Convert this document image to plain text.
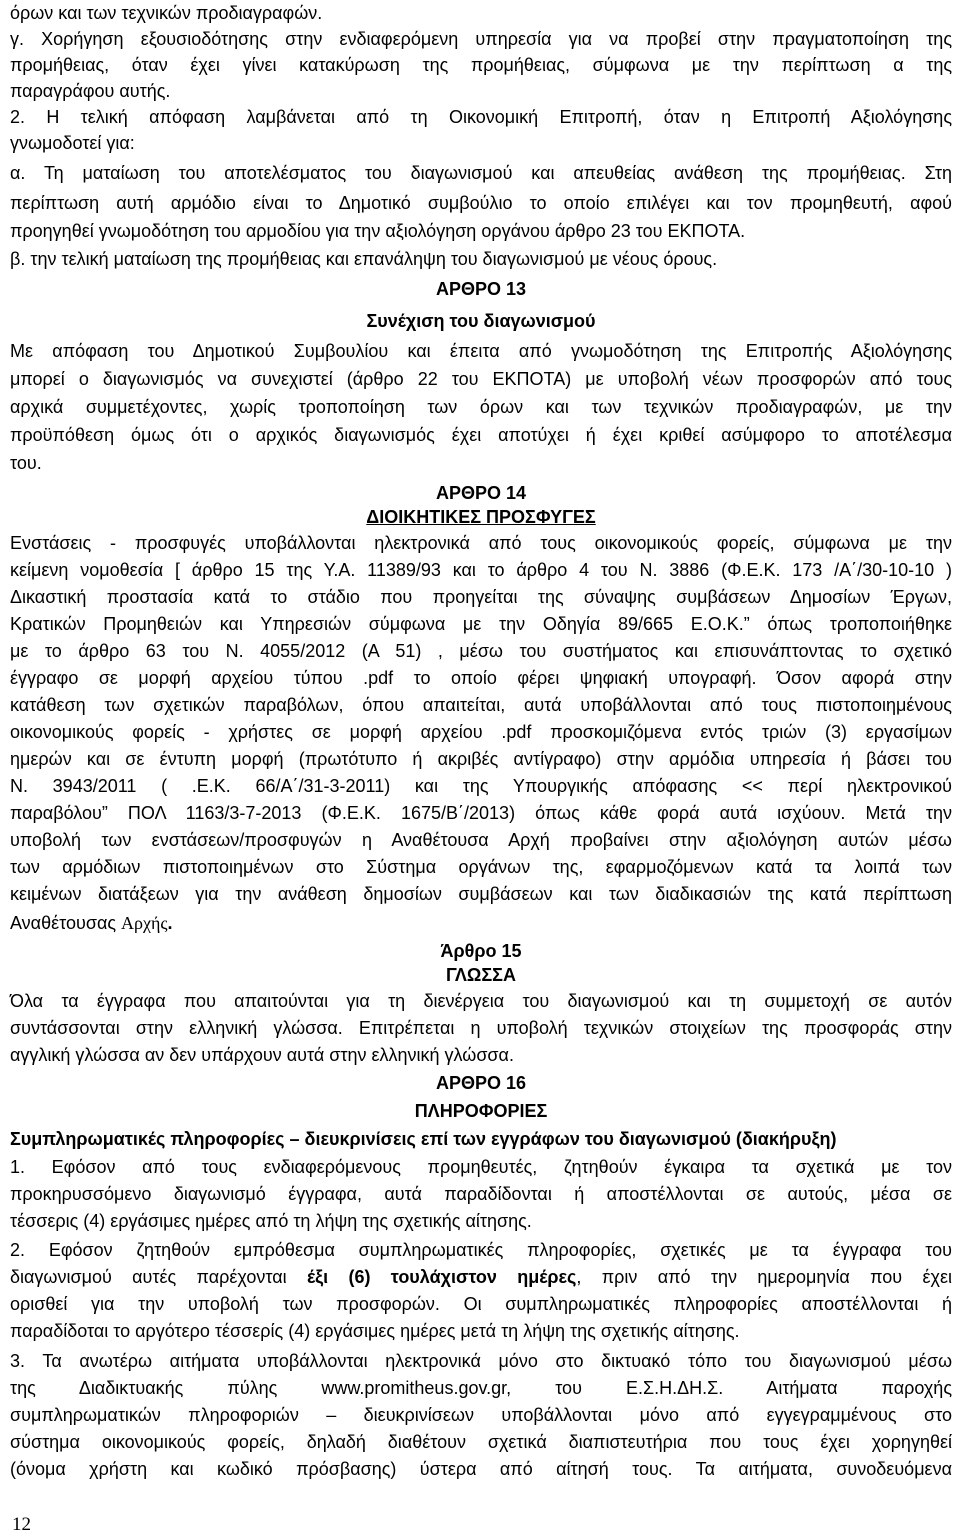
όρων και των τεχνικών προδιαγραφών.
γ. Χορήγηση εξουσιοδότησης στην ενδιαφερόμενη υπηρεσία για να προβεί στην πραγματοποίηση της
προμήθειας, όταν έχει γίνει κατακύρωση της προμήθειας, σύμφωνα με την περίπτωση α της
παραγράφου αυτής.
2. Η τελική απόφαση λαμβάνεται από τη Οικονομική Επιτροπή, όταν η Επιτροπή Αξιολόγησης
γνωμοδοτεί για:
α. Τη ματαίωση του αποτελέσματος του διαγωνισμού και απευθείας ανάθεση της προμήθειας. Στη
περίπτωση αυτή αρμόδιο είναι το Δημοτικό συμβούλιο το οποίο επιλέγει και τον προμηθευτή, αφού
προηγηθεί γνωμοδότηση του αρμοδίου για την αξιολόγηση οργάνου άρθρο 23 του ΕΚΠΟΤΑ.
β. την τελική ματαίωση της προμήθειας και επανάληψη του διαγωνισμού με νέους όρους.
ΑΡΘΡΟ 13
Συνέχιση του διαγωνισμού
Με απόφαση του Δημοτικού Συμβουλίου και έπειτα από γνωμοδότηση της Επιτροπής Αξιολόγησης
μπορεί ο διαγωνισμός να συνεχιστεί (άρθρο 22 του ΕΚΠΟΤΑ) με υποβολή νέων προσφορών από τους
αρχικά συμμετέχοντες, χωρίς τροποποίηση των όρων και των τεχνικών προδιαγραφών, με την
προϋπόθεση όμως ότι ο αρχικός διαγωνισμός έχει αποτύχει ή έχει κριθεί ασύμφορο το αποτέλεσμα
του.
ΑΡΘΡΟ 14
ΔΙΟΙΚΗΤΙΚΕΣ ΠΡΟΣΦΥΓΕΣ
Ενστάσεις - προσφυγές υποβάλλονται ηλεκτρονικά από τους οικονομικούς φορείς, σύμφωνα με την
κείμενη νομοθεσία [ άρθρο 15 της Υ.Α. 11389/93 και το άρθρο 4 του Ν. 3886 (Φ.Ε.Κ. 173 /Α΄/30-10-10 )
Δικαστική προστασία κατά το στάδιο που προηγείται της σύναψης συμβάσεων Δημοσίων Έργων,
Κρατικών Προμηθειών και Υπηρεσιών σύμφωνα με την Οδηγία 89/665 Ε.Ο.Κ.” όπως τροποποιήθηκε
με το άρθρο 63 του Ν. 4055/2012 (Α 51) , μέσω του συστήματος και επισυνάπτοντας το σχετικό
έγγραφο σε μορφή αρχείου τύπου .pdf το οποίο φέρει ψηφιακή υπογραφή. Όσον αφορά στην
κατάθεση των σχετικών παραβόλων, όπου απαιτείται, αυτά υποβάλλονται από τους πιστοποιημένους
οικονομικούς φορείς - χρήστες σε μορφή αρχείου .pdf προσκομιζόμενα εντός τριών (3) εργασίμων
ημερών και σε έντυπη μορφή (πρωτότυπο ή ακριβές αντίγραφο) στην αρμόδια υπηρεσία ή βάσει του
Ν. 3943/2011 ( .Ε.Κ. 66/Α΄/31-3-2011) και της Υπουργικής απόφασης << περί ηλεκτρονικού
παραβόλου” ΠΟΛ 1163/3-7-2013 (Φ.Ε.Κ. 1675/Β΄/2013) όπως κάθε φορά αυτά ισχύουν. Μετά την
υποβολή των ενστάσεων/προσφυγών η Αναθέτουσα Αρχή προβαίνει στην αξιολόγηση αυτών μέσω
των αρμόδιων πιστοποιημένων στο Σύστημα οργάνων της, εφαρμοζόμενων κατά τα λοιπά των
κειμένων διατάξεων για την ανάθεση δημοσίων συμβάσεων και των διαδικασιών της κατά περίπτωση
Αναθέτουσας Αρχής.
Άρθρο 15
ΓΛΩΣΣΑ
Όλα τα έγγραφα που απαιτούνται για τη διενέργεια του διαγωνισμού και τη συμμετοχή σε αυτόν
συντάσσονται στην ελληνική γλώσσα. Επιτρέπεται η υποβολή τεχνικών στοιχείων της προσφοράς στην
αγγλική γλώσσα αν δεν υπάρχουν αυτά στην ελληνική γλώσσα.
ΑΡΘΡΟ 16
ΠΛΗΡΟΦΟΡΙΕΣ
Συμπληρωματικές πληροφορίες – διευκρινίσεις επί των εγγράφων του διαγωνισμού (διακήρυξη)
1. Εφόσον από τους ενδιαφερόμενους προμηθευτές, ζητηθούν έγκαιρα τα σχετικά με τον
προκηρυσσόμενο διαγωνισμό έγγραφα, αυτά παραδίδονται ή αποστέλλονται σε αυτούς, μέσα σε
τέσσερις (4) εργάσιμες ημέρες από τη λήψη της σχετικής αίτησης.
2. Εφόσον ζητηθούν εμπρόθεσμα συμπληρωματικές πληροφορίες, σχετικές με τα έγγραφα του
διαγωνισμού αυτές παρέχονται έξι (6) τουλάχιστον ημέρες, πριν από την ημερομηνία που έχει
ορισθεί για την υποβολή των προσφορών. Οι συμπληρωματικές πληροφορίες αποστέλλονται ή
παραδίδοται το αργότερο τέσσερίς (4) εργάσιμες ημέρες μετά τη λήψη της σχετικής αίτησης.
3. Τα ανωτέρω αιτήματα υποβάλλονται ηλεκτρονικά μόνο στο δικτυακό τόπο του διαγωνισμού μέσω
της Διαδικτυακής πύλης www.promitheus.gov.gr, του Ε.Σ.Η.ΔΗ.Σ. Αιτήματα παροχής
συμπληρωματικών πληροφοριών – διευκρινίσεων υποβάλλονται μόνο από εγγεγραμμένους στο
σύστημα οικονομικούς φορείς, δηλαδή διαθέτουν σχετικά διαπιστευτήρια που τους έχει χορηγηθεί
(όνομα χρήστη και κωδικό πρόσβασης) ύστερα από αίτησή τους. Τα αιτήματα, συνοδευόμενα
12
